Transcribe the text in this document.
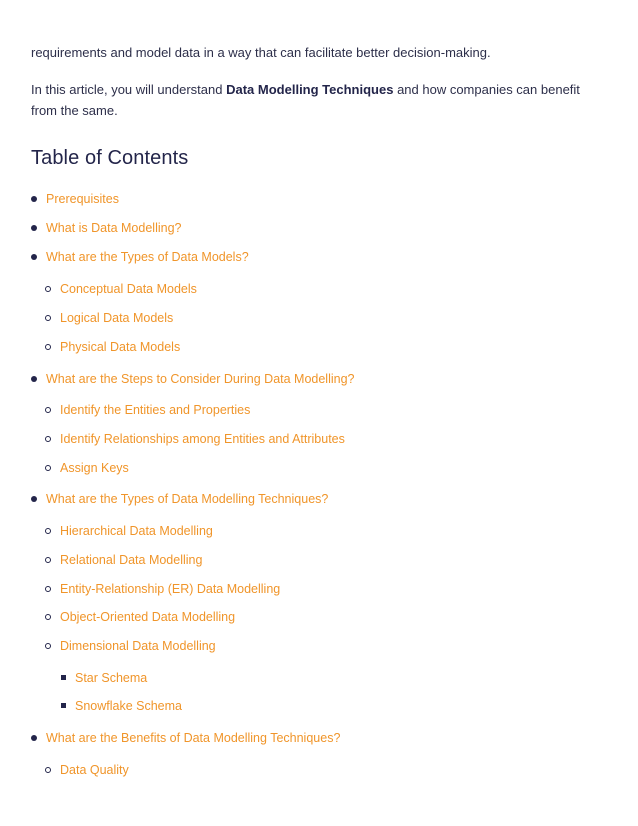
requirements and model data in a way that can facilitate better decision-making.

In this article, you will understand Data Modelling Techniques and how companies can benefit from the same.

Table of Contents
Prerequisites
What is Data Modelling?
What are the Types of Data Models?
Conceptual Data Models
Logical Data Models
Physical Data Models
What are the Steps to Consider During Data Modelling?
Identify the Entities and Properties
Identify Relationships among Entities and Attributes
Assign Keys
What are the Types of Data Modelling Techniques?
Hierarchical Data Modelling
Relational Data Modelling
Entity-Relationship (ER) Data Modelling
Object-Oriented Data Modelling
Dimensional Data Modelling
Star Schema
Snowflake Schema
What are the Benefits of Data Modelling Techniques?
Data Quality
